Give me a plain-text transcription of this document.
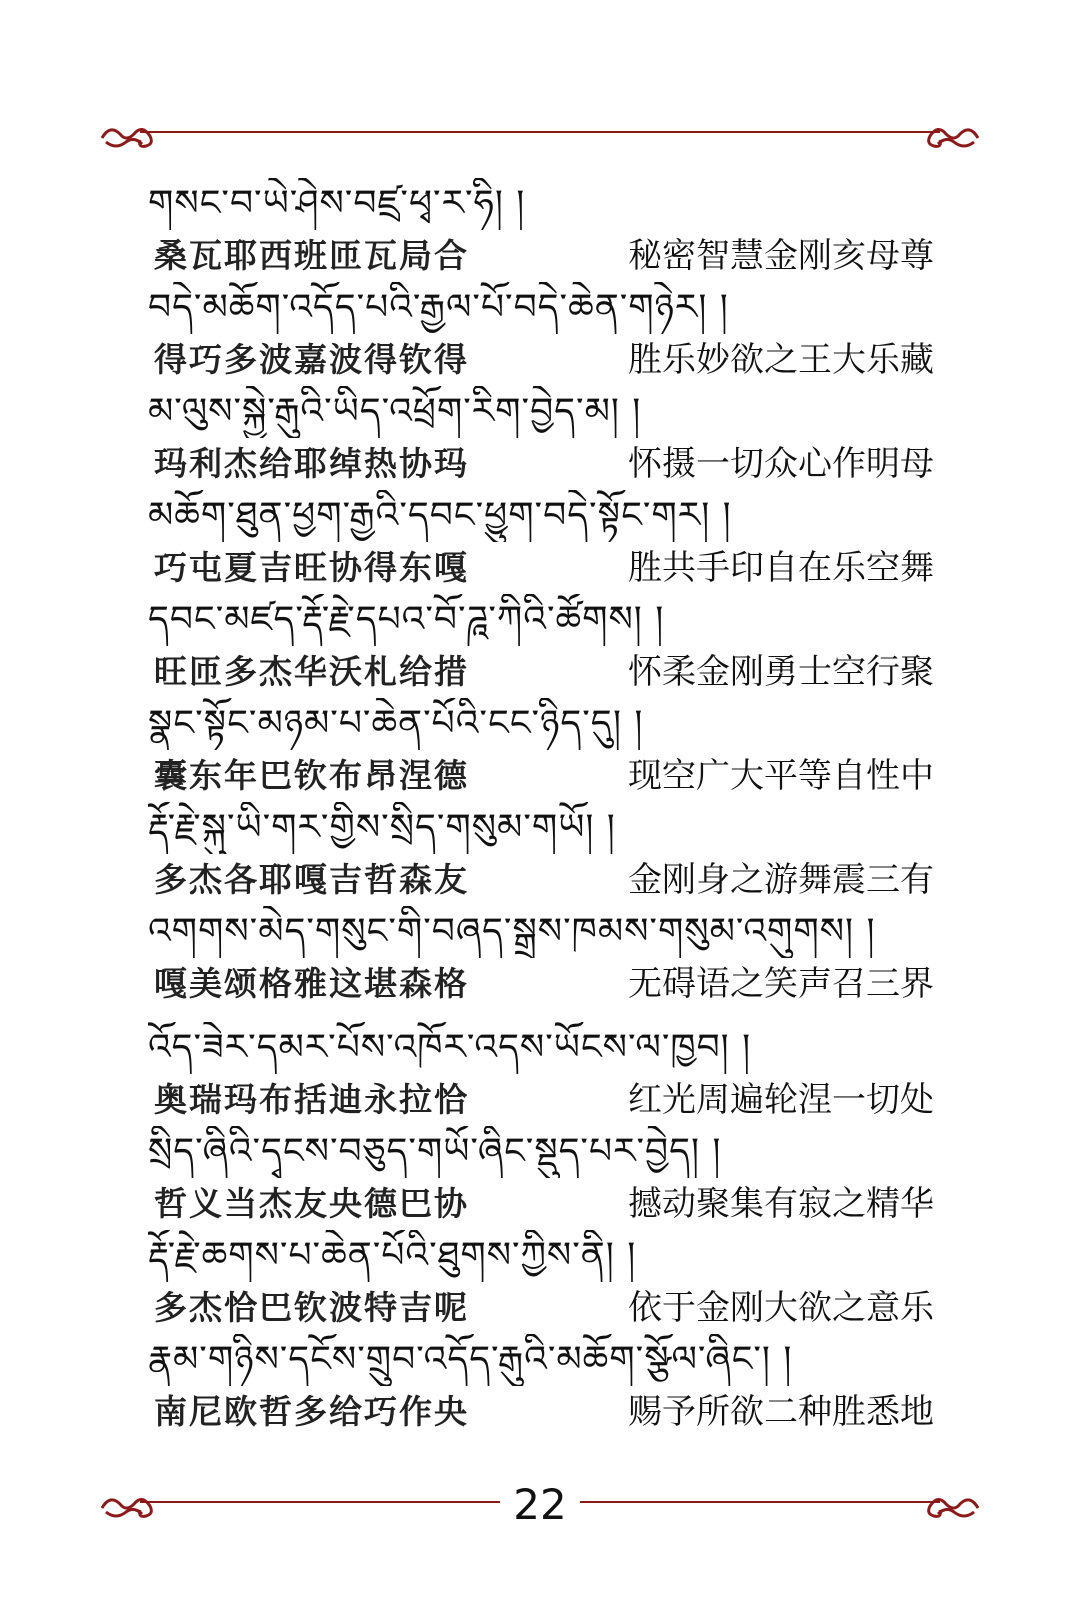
གསང་བ་ཡེ་ཤེས་བཛྲ་ཕྭ་ར་ཧི། །
桑瓦耶西班匝瓦局合	秘密智慧金刚亥母尊
བདེ་མཆོག་འདོད་པའི་རྒྱལ་པོ་བདེ་ཆེན་གཉེར། །
得巧多波嘉波得钦得	胜乐妙欲之王大乐藏
མ་ལུས་སྐྱེ་རྒུའི་ཡིད་འཕྲོག་རིག་བྱེད་མ། །
玛利杰给耶绰热协玛	怀摄一切众心作明母
མཆོག་ཐུན་ཕྱག་རྒྱའི་དབང་ཕྱུག་བདེ་སྟོང་གར། །
巧屯夏吉旺协得东嘎	胜共手印自在乐空舞
དབང་མཛད་རྡོ་རྗེ་དཔའ་བོ་ཌཱ་ཀིའི་ཚོགས། །
旺匝多杰华沃札给措	怀柔金刚勇士空行聚
སྣང་སྟོང་མཉམ་པ་ཆེན་པོའི་ངང་ཉིད་དུ། །
囊东年巴钦布昂涅德	现空广大平等自性中
རྡོ་རྗེ་སྐུ་ཡི་གར་གྱིས་སྲིད་གསུམ་གཡོ། །
多杰各耶嘎吉哲森友	金刚身之游舞震三有
འགགས་མེད་གསུང་གི་བཞད་སྒྲས་ཁམས་གསུམ་འགུགས། །
嘎美颂格雅这堪森格	无碍语之笑声召三界
འོད་ཟེར་དམར་པོས་འཁོར་འདས་ཡོངས་ལ་ཁྱབ། །
奥瑞玛布括迪永拉恰	红光周遍轮涅一切处
སྲིད་ཞིའི་དྭངས་བཅུད་གཡོ་ཞིང་སྡུད་པར་བྱེད། །
哲义当杰友央德巴协	撼动聚集有寂之精华
རྡོ་རྗེ་ཆགས་པ་ཆེན་པོའི་ཐུགས་ཀྱིས་ནི། །
多杰恰巴钦波特吉呢	依于金刚大欲之意乐
རྣམ་གཉིས་དངོས་གྲུབ་འདོད་རྒུའི་མཆོག་སྩོལ་ཞིང་། །
南尼欧哲多给巧作央	赐予所欲二种胜悉地
22
